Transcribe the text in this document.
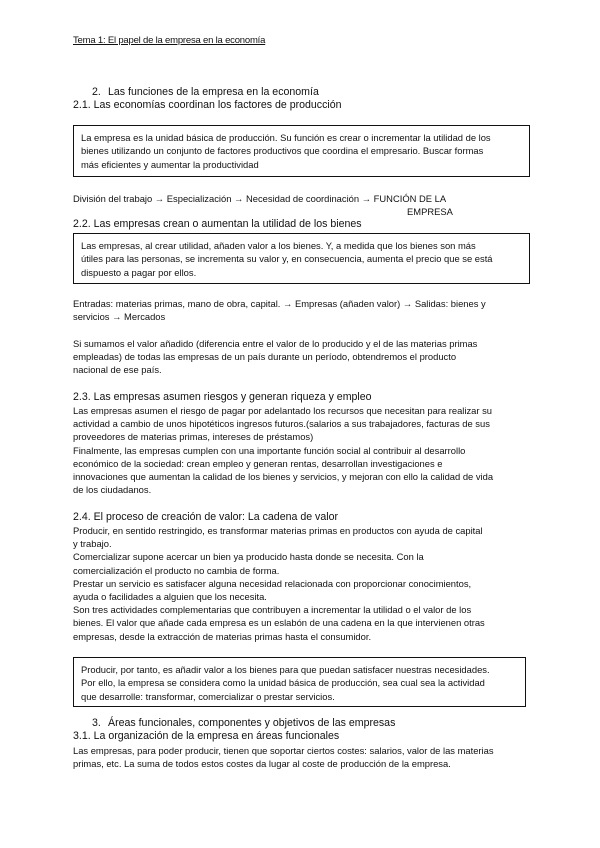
Tema 1: El papel de la empresa en la economía
2. Las funciones de la empresa en la economía
2.1. Las economías coordinan los factores de producción
La empresa es la unidad básica de producción. Su función es crear o incrementar la utilidad de los
bienes utilizando un conjunto de factores productivos que coordina el empresario. Buscar formas
más eficientes y aumentar la productividad
División del trabajo → Especialización → Necesidad de coordinación → FUNCIÓN DE LA
EMPRESA
2.2. Las empresas crean o aumentan la utilidad de los bienes
Las empresas, al crear utilidad, añaden valor a los bienes. Y, a medida que los bienes son más
útiles para las personas, se incrementa su valor y, en consecuencia, aumenta el precio que se está
dispuesto a pagar por ellos.
Entradas: materias primas, mano de obra, capital. → Empresas (añaden valor) → Salidas: bienes y
servicios → Mercados
Si sumamos el valor añadido (diferencia entre el valor de lo producido y el de las materias primas
empleadas) de todas las empresas de un país durante un período, obtendremos el producto
nacional de ese país.
2.3. Las empresas asumen riesgos y generan riqueza y empleo
Las empresas asumen el riesgo de pagar por adelantado los recursos que necesitan para realizar su
actividad a cambio de unos hipotéticos ingresos futuros.(salarios a sus trabajadores, facturas de sus
proveedores de materias primas, intereses de préstamos)
Finalmente, las empresas cumplen con una importante función social al contribuir al desarrollo
económico de la sociedad: crean empleo y generan rentas, desarrollan investigaciones e
innovaciones que aumentan la calidad de los bienes y servicios, y mejoran con ello la calidad de vida
de los ciudadanos.
2.4. El proceso de creación de valor: La cadena de valor
Producir, en sentido restringido, es transformar materias primas en productos con ayuda de capital
y trabajo.
Comercializar supone acercar un bien ya producido hasta donde se necesita. Con la
comercialización el producto no cambia de forma.
Prestar un servicio es satisfacer alguna necesidad relacionada con proporcionar conocimientos,
ayuda o facilidades a alguien que los necesita.
Son tres actividades complementarias que contribuyen a incrementar la utilidad o el valor de los
bienes. El valor que añade cada empresa es un eslabón de una cadena en la que intervienen otras
empresas, desde la extracción de materias primas hasta el consumidor.
Producir, por tanto, es añadir valor a los bienes para que puedan satisfacer nuestras necesidades.
Por ello, la empresa se considera como la unidad básica de producción, sea cual sea la actividad
que desarrolle: transformar, comercializar o prestar servicios.
3. Áreas funcionales, componentes y objetivos de las empresas
3.1. La organización de la empresa en áreas funcionales
Las empresas, para poder producir, tienen que soportar ciertos costes: salarios, valor de las materias
primas, etc. La suma de todos estos costes da lugar al coste de producción de la empresa.
